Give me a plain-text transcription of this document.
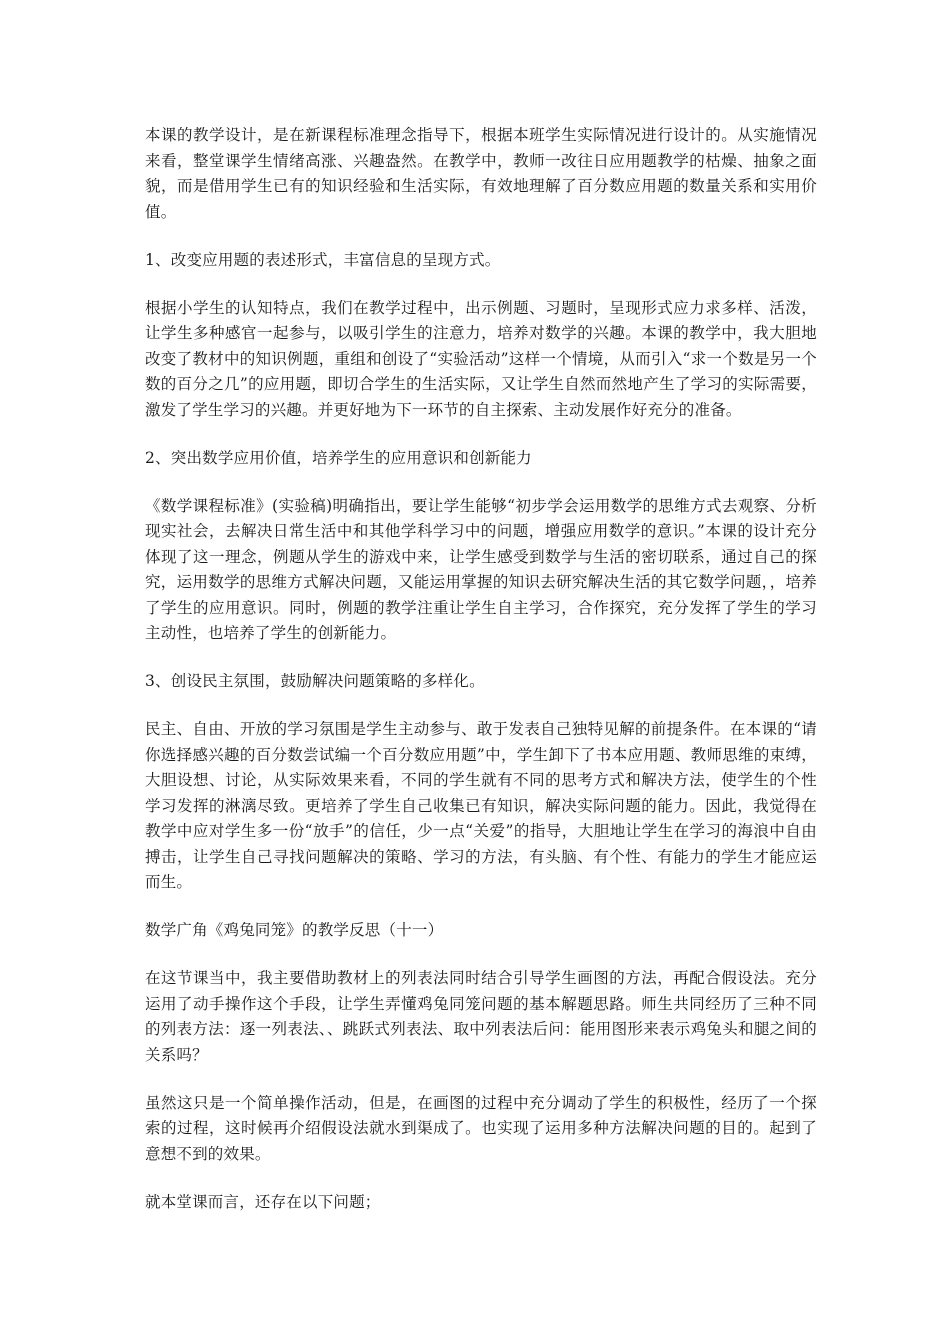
本课的教学设计，是在新课程标准理念指导下，根据本班学生实际情况进行设计的。从实施情况来看，整堂课学生情绪高涨、兴趣盎然。在教学中，教师一改往日应用题教学的枯燥、抽象之面貌，而是借用学生已有的知识经验和生活实际，有效地理解了百分数应用题的数量关系和实用价值。

1、改变应用题的表述形式，丰富信息的呈现方式。

根据小学生的认知特点，我们在教学过程中，出示例题、习题时，呈现形式应力求多样、活泼，让学生多种感官一起参与，以吸引学生的注意力，培养对数学的兴趣。本课的教学中，我大胆地改变了教材中的知识例题，重组和创设了“实验活动”这样一个情境，从而引入“求一个数是另一个数的百分之几”的应用题，即切合学生的生活实际，又让学生自然而然地产生了学习的实际需要，激发了学生学习的兴趣。并更好地为下一环节的自主探索、主动发展作好充分的准备。

2、突出数学应用价值，培养学生的应用意识和创新能力

《数学课程标准》(实验稿)明确指出，要让学生能够“初步学会运用数学的思维方式去观察、分析现实社会，去解决日常生活中和其他学科学习中的问题，增强应用数学的意识。”本课的设计充分体现了这一理念，例题从学生的游戏中来，让学生感受到数学与生活的密切联系，通过自己的探究，运用数学的思维方式解决问题，又能运用掌握的知识去研究解决生活的其它数学问题，，培养了学生的应用意识。同时，例题的教学注重让学生自主学习，合作探究，充分发挥了学生的学习主动性，也培养了学生的创新能力。

3、创设民主氛围，鼓励解决问题策略的多样化。

民主、自由、开放的学习氛围是学生主动参与、敢于发表自己独特见解的前提条件。在本课的“请你选择感兴趣的百分数尝试编一个百分数应用题”中，学生卸下了书本应用题、教师思维的束缚，大胆设想、讨论，从实际效果来看，不同的学生就有不同的思考方式和解决方法，使学生的个性学习发挥的淋漓尽致。更培养了学生自己收集已有知识，解决实际问题的能力。因此，我觉得在教学中应对学生多一份“放手”的信任，少一点“关爱”的指导，大胆地让学生在学习的海浪中自由搏击，让学生自己寻找问题解决的策略、学习的方法，有头脑、有个性、有能力的学生才能应运而生。

数学广角《鸡兔同笼》的教学反思（十一）

在这节课当中，我主要借助教材上的列表法同时结合引导学生画图的方法，再配合假设法。充分运用了动手操作这个手段，让学生弄懂鸡兔同笼问题的基本解题思路。师生共同经历了三种不同的列表方法：逐一列表法、、跳跃式列表法、取中列表法后问：能用图形来表示鸡兔头和腿之间的关系吗？

虽然这只是一个简单操作活动，但是，在画图的过程中充分调动了学生的积极性，经历了一个探索的过程，这时候再介绍假设法就水到渠成了。也实现了运用多种方法解决问题的目的。起到了意想不到的效果。

就本堂课而言，还存在以下问题；
